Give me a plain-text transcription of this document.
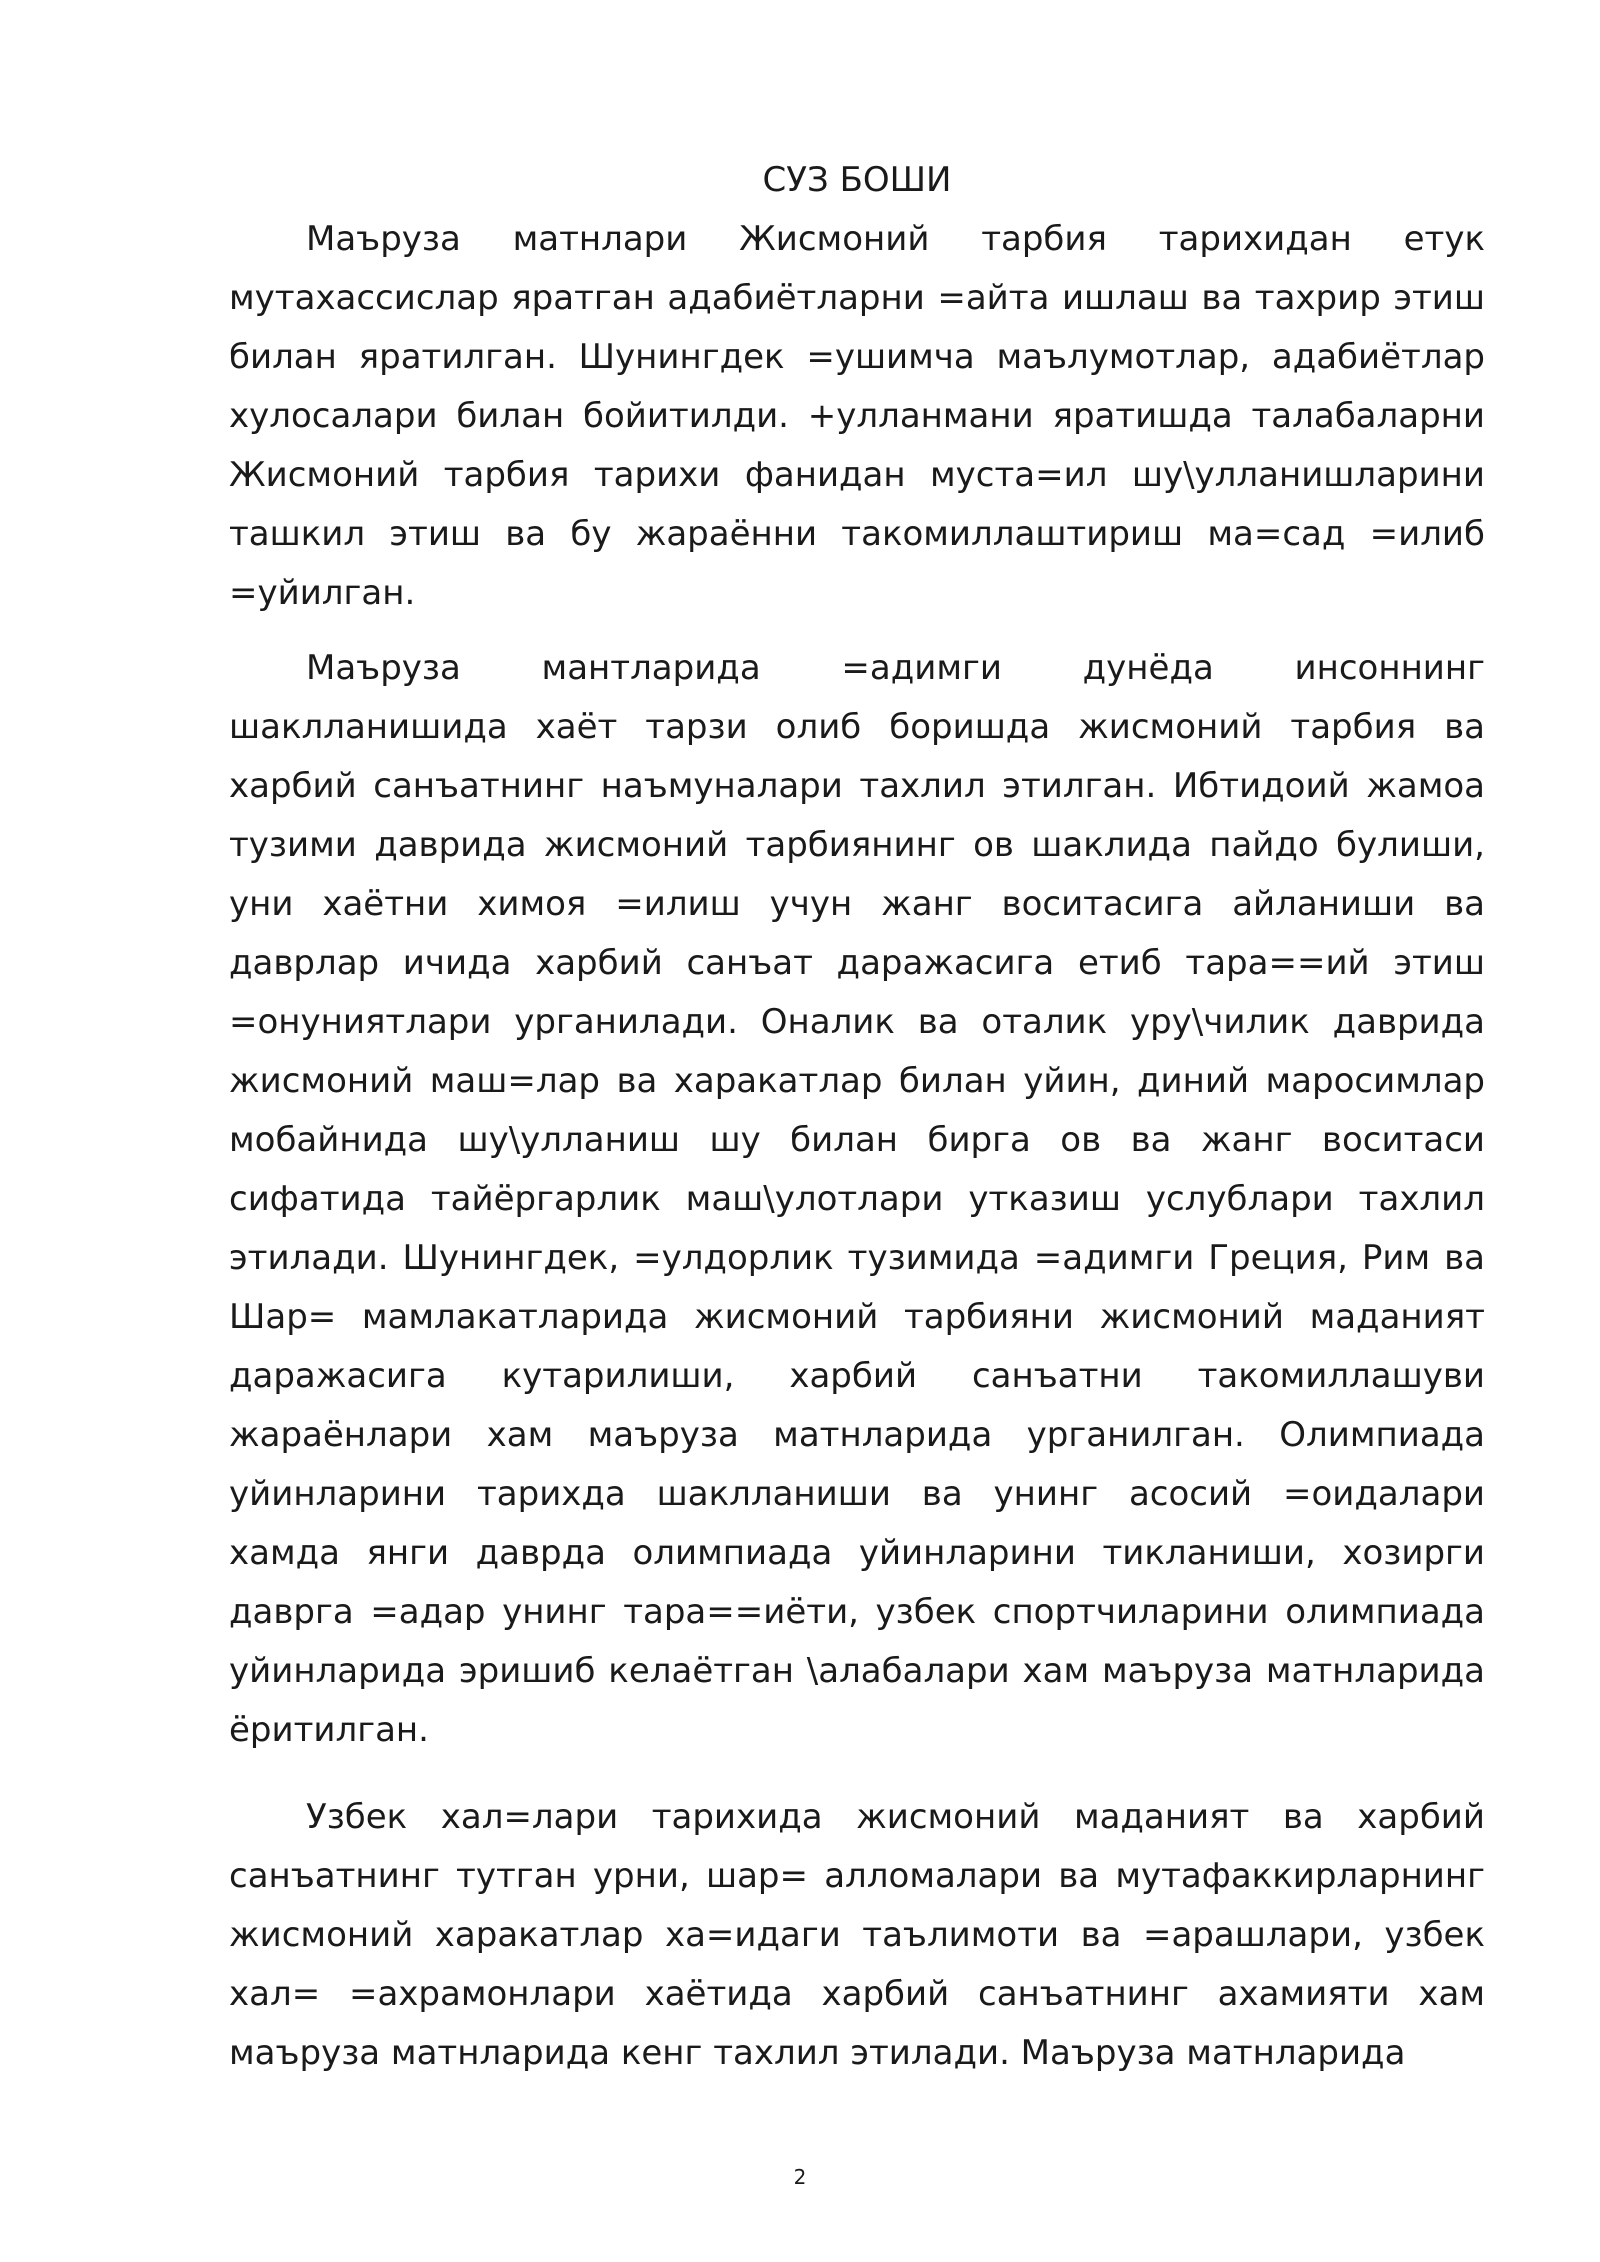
СУЗ БОШИ

Маъруза матнлари Жисмоний тарбия тарихидан етук мутахассислар яратган адабиётларни =айта ишлаш ва тахрир этиш билан яратилган. Шунингдек =ушимча маълумотлар, адабиётлар хулосалари билан бойитилди. +улланмани яратишда талабаларни Жисмоний тарбия тарихи фанидан муста=ил шу\улланишларини ташкил этиш ва бу жараённи такомиллаштириш ма=сад =илиб =уйилган.

Маъруза мантларида =адимги дунёда инсоннинг шаклланишида хаёт тарзи олиб боришда жисмоний тарбия ва харбий санъатнинг наъмуналари тахлил этилган. Ибтидоий жамоа тузими даврида жисмоний тарбиянинг ов шаклида пайдо булиши, уни хаётни химоя =илиш учун жанг воситасига айланиши ва даврлар ичида харбий санъат даражасига етиб тара==ий этиш =онуниятлари урганилади. Оналик ва оталик уру\чилик даврида жисмоний маш=лар ва харакатлар билан уйин, диний маросимлар мобайнида шу\улланиш шу билан бирга ов ва жанг воситаси сифатида тайёргарлик маш\улотлари утказиш услублари тахлил этилади. Шунингдек, =улдорлик тузимида =адимги Греция, Рим ва Шар= мамлакатларида жисмоний тарбияни жисмоний маданият даражасига кутарилиши, харбий санъатни такомиллашуви жараёнлари хам маъруза матнларида урганилган. Олимпиада уйинларини тарихда шаклланиши ва унинг асосий =оидалари хамда янги даврда олимпиада уйинларини тикланиши, хозирги даврга =адар унинг тара==иёти, узбек спортчиларини олимпиада уйинларида эришиб келаётган \алабалари хам маъруза матнларида ёритилган.

Узбек хал=лари тарихида жисмоний маданият ва харбий санъатнинг тутган урни, шар= алломалари ва мутафаккирларнинг жисмоний харакатлар ха=идаги таълимоти ва =арашлари, узбек хал= =ахрамонлари хаётида харбий санъатнинг ахамияти хам маъруза матнларида кенг тахлил этилади. Маъруза матнларида

2
